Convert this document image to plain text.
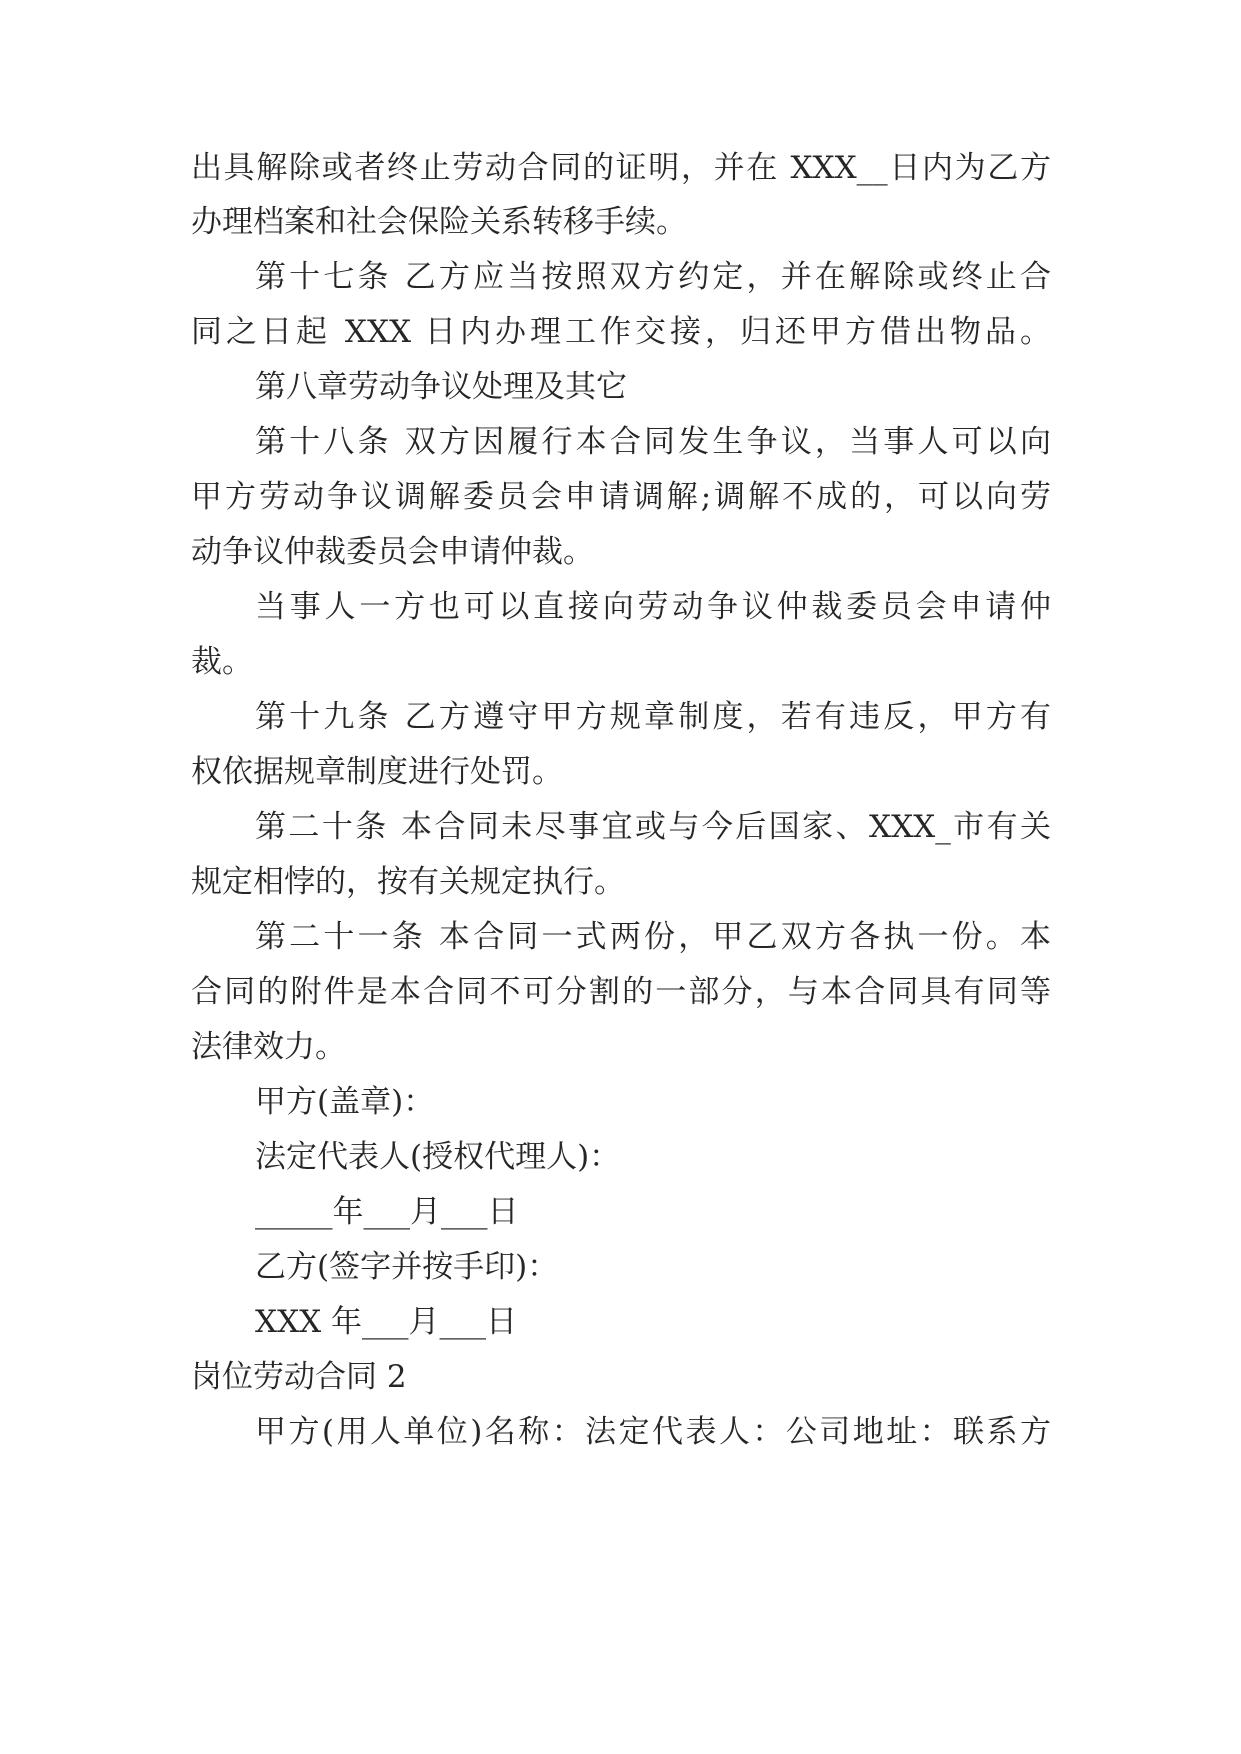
出具解除或者终止劳动合同的证明，并在 XXX__日内为乙方

办理档案和社会保险关系转移手续。

第十七条 乙方应当按照双方约定，并在解除或终止合

同之日起 XXX 日内办理工作交接，归还甲方借出物品。

第八章劳动争议处理及其它

第十八条 双方因履行本合同发生争议，当事人可以向

甲方劳动争议调解委员会申请调解;调解不成的，可以向劳

动争议仲裁委员会申请仲裁。

当事人一方也可以直接向劳动争议仲裁委员会申请仲

裁。

第十九条 乙方遵守甲方规章制度，若有违反，甲方有

权依据规章制度进行处罚。

第二十条 本合同未尽事宜或与今后国家、XXX_市有关

规定相悖的，按有关规定执行。

第二十一条 本合同一式两份，甲乙双方各执一份。本

合同的附件是本合同不可分割的一部分，与本合同具有同等

法律效力。

甲方(盖章)：

法定代表人(授权代理人)：

_____年___月___日

乙方(签字并按手印)：

XXX 年___月___日

岗位劳动合同 2

甲方(用人单位)名称：法定代表人：公司地址：联系方
